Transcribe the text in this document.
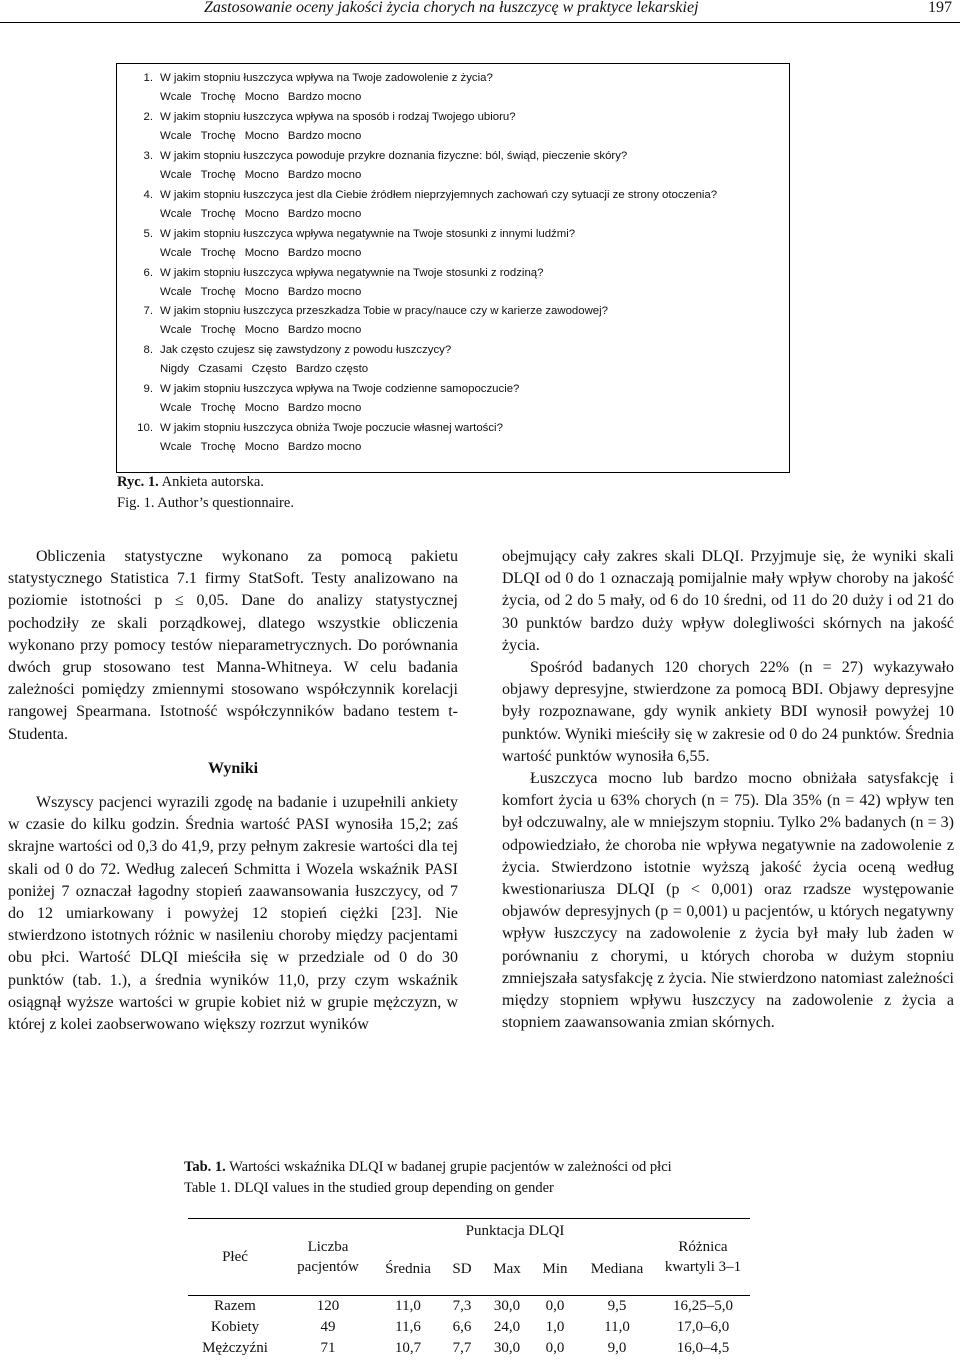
Zastosowanie oceny jakości życia chorych na łuszczycę w praktyce lekarskiej	197
1. W jakim stopniu łuszczyca wpływa na Twoje zadowolenie z życia?
Wcale Trochę Mocno Bardzo mocno
2. W jakim stopniu łuszczyca wpływa na sposób i rodzaj Twojego ubioru?
Wcale Trochę Mocno Bardzo mocno
3. W jakim stopniu łuszczyca powoduje przykre doznania fizyczne: ból, świąd, pieczenie skóry?
Wcale Trochę Mocno Bardzo mocno
4. W jakim stopniu łuszczyca jest dla Ciebie źródłem nieprzyjemnych zachowań czy sytuacji ze strony otoczenia?
Wcale Trochę Mocno Bardzo mocno
5. W jakim stopniu łuszczyca wpływa negatywnie na Twoje stosunki z innymi ludźmi?
Wcale Trochę Mocno Bardzo mocno
6. W jakim stopniu łuszczyca wpływa negatywnie na Twoje stosunki z rodziną?
Wcale Trochę Mocno Bardzo mocno
7. W jakim stopniu łuszczyca przeszkadza Tobie w pracy/nauce czy w karierze zawodowej?
Wcale Trochę Mocno Bardzo mocno
8. Jak często czujesz się zawstydzony z powodu łuszczycy?
Nigdy Czasami Często Bardzo często
9. W jakim stopniu łuszczyca wpływa na Twoje codzienne samopoczucie?
Wcale Trochę Mocno Bardzo mocno
10. W jakim stopniu łuszczyca obniża Twoje poczucie własnej wartości?
Wcale Trochę Mocno Bardzo mocno
Ryc. 1. Ankieta autorska.
Fig. 1. Author’s questionnaire.

Obliczenia statystyczne wykonano za pomocą pakietu statystycznego Statistica 7.1 firmy StatSoft. Testy analizowano na poziomie istotności p ≤ 0,05. Dane do analizy statystycznej pochodziły ze skali porządkowej, dlatego wszystkie obliczenia wykonano przy pomocy testów nieparametrycznych. Do porównania dwóch grup stosowano test Manna-Whitneya. W celu badania zależności pomiędzy zmiennymi stosowano współczynnik korelacji rangowej Spearmana. Istotność współczynników badano testem t-Studenta.

Wyniki

Wszyscy pacjenci wyrazili zgodę na badanie i uzupełnili ankiety w czasie do kilku godzin. Średnia wartość PASI wynosiła 15,2; zaś skrajne wartości od 0,3 do 41,9, przy pełnym zakresie wartości dla tej skali od 0 do 72. Według zaleceń Schmitta i Wozela wskaźnik PASI poniżej 7 oznaczał łagodny stopień zaawansowania łuszczycy, od 7 do 12 umiarkowany i powyżej 12 stopień ciężki [23]. Nie stwierdzono istotnych różnic w nasileniu choroby między pacjentami obu płci. Wartość DLQI mieściła się w przedziale od 0 do 30 punktów (tab. 1.), a średnia wyników 11,0, przy czym wskaźnik osiągnął wyższe wartości w grupie kobiet niż w grupie mężczyzn, w której z kolei zaobserwowano większy rozrzut wyników

obejmujący cały zakres skali DLQI. Przyjmuje się, że wyniki skali DLQI od 0 do 1 oznaczają pomijalnie mały wpływ choroby na jakość życia, od 2 do 5 mały, od 6 do 10 średni, od 11 do 20 duży i od 21 do 30 punktów bardzo duży wpływ dolegliwości skórnych na jakość życia.

Spośród badanych 120 chorych 22% (n = 27) wykazywało objawy depresyjne, stwierdzone za pomocą BDI. Objawy depresyjne były rozpoznawane, gdy wynik ankiety BDI wynosił powyżej 10 punktów. Wyniki mieściły się w zakresie od 0 do 24 punktów. Średnia wartość punktów wynosiła 6,55.

Łuszczyca mocno lub bardzo mocno obniżała satysfakcję i komfort życia u 63% chorych (n = 75). Dla 35% (n = 42) wpływ ten był odczuwalny, ale w mniejszym stopniu. Tylko 2% badanych (n = 3) odpowiedziało, że choroba nie wpływa negatywnie na zadowolenie z życia. Stwierdzono istotnie wyższą jakość życia oceną według kwestionariusza DLQI (p < 0,001) oraz rzadsze występowanie objawów depresyjnych (p = 0,001) u pacjentów, u których negatywny wpływ łuszczycy na zadowolenie z życia był mały lub żaden w porównaniu z chorymi, u których choroba w dużym stopniu zmniejszała satysfakcję z życia. Nie stwierdzono natomiast zależności między stopniem wpływu łuszczycy na zadowolenie z życia a stopniem zaawansowania zmian skórnych.

Tab. 1. Wartości wskaźnika DLQI w badanej grupie pacjentów w zależności od płci
Table 1. DLQI values in the studied group depending on gender
Płeć	Liczba pacjentów	Punktacja DLQI					Różnica kwartyli 3–1
		Średnia	SD	Max	Min	Mediana	
Razem	120	11,0	7,3	30,0	0,0	9,5	16,25–5,0
Kobiety	49	11,6	6,6	24,0	1,0	11,0	17,0–6,0
Mężczyźni	71	10,7	7,7	30,0	0,0	9,0	16,0–4,5
